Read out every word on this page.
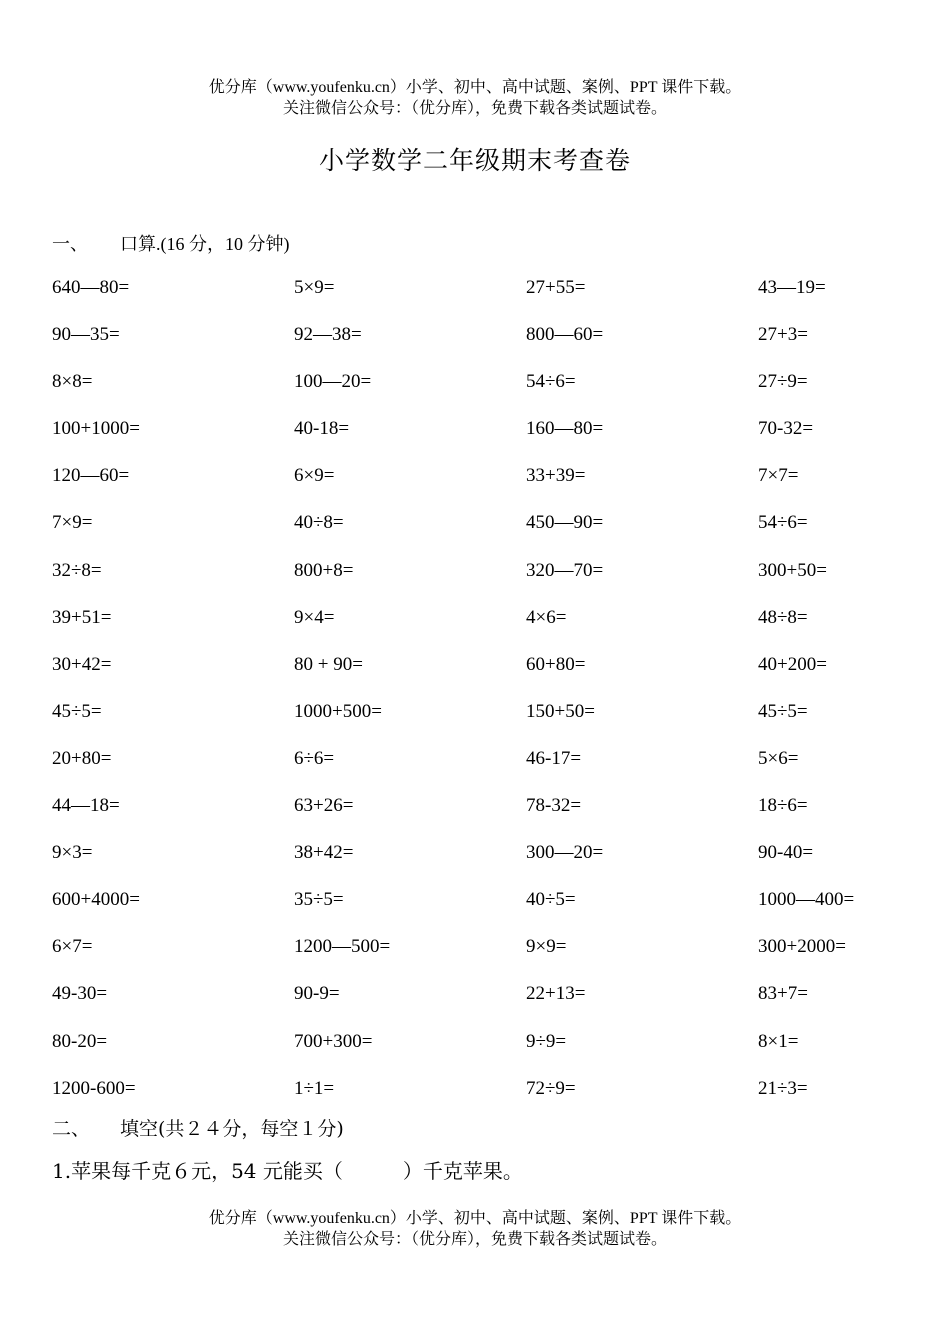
优分库（www.youfenku.cn）小学、初中、高中试题、案例、PPT 课件下载。
关注微信公众号：（优分库），免费下载各类试题试卷。
小学数学二年级期末考查卷
一、 口算.(16 分，10 分钟)
640—80=	5×9=	27+55=	43—19=
90—35=	92—38=	800—60=	27+3=
8×8=	100—20=	54÷6=	27÷9=
100+1000=	40-18=	160—80=	70-32=
120—60=	6×9=	33+39=	7×7=
7×9=	40÷8=	450—90=	54÷6=
32÷8=	800+8=	320—70=	300+50=
39+51=	9×4=	4×6=	48÷8=
30+42=	80 + 90=	60+80=	40+200=
45÷5=	1000+500=	150+50=	45÷5=
20+80=	6÷6=	46-17=	5×6=
44—18=	63+26=	78-32=	18÷6=
9×3=	38+42=	300—20=	90-40=
600+4000=	35÷5=	40÷5=	1000—400=
6×7=	1200—500=	9×9=	300+2000=
49-30=	90-9=	22+13=	83+7=
80-20=	700+300=	9÷9=	8×1=
1200-600=	1÷1=	72÷9=	21÷3=
二、 填空(共２４分，每空１分)
1.苹果每千克６元，54 元能买（	）千克苹果。
优分库（www.youfenku.cn）小学、初中、高中试题、案例、PPT 课件下载。
关注微信公众号：（优分库），免费下载各类试题试卷。
